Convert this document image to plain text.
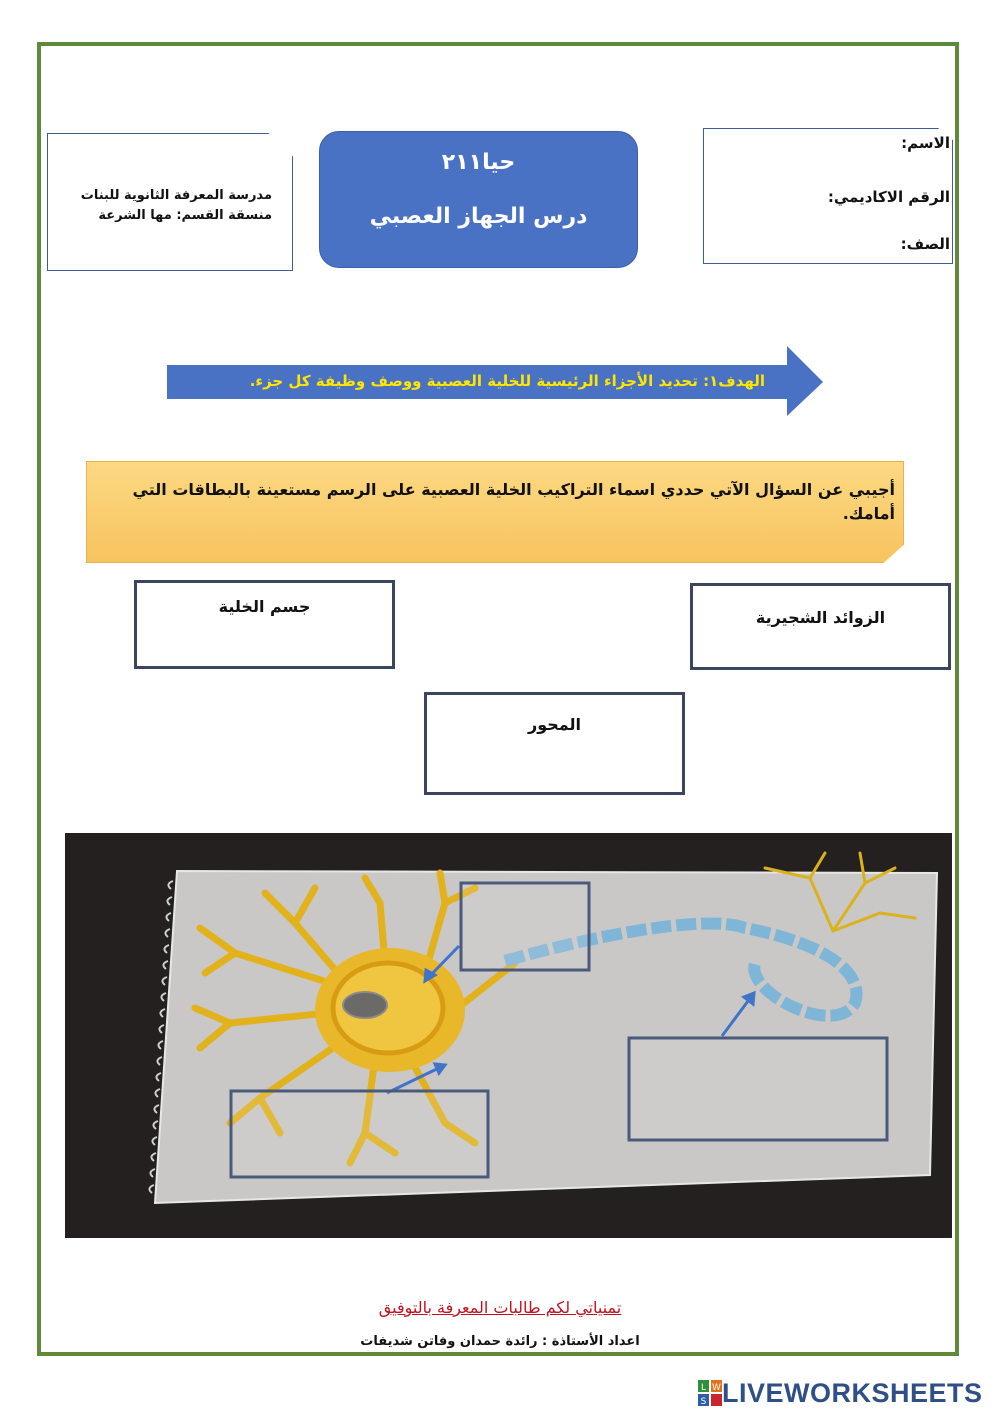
مدرسة المعرفة الثانوية للبنات
منسقة القسم: مها الشرعة
حيا٢١١
درس الجهاز العصبي
الاسم:
الرقم الاكاديمي:
الصف:
الهدف١: تحديد الأجزاء الرئيسية للخلية العصبية ووصف وظيفة كل جزء.
أجيبي عن السؤال الآتي حددي اسماء التراكيب الخلية العصبية على الرسم مستعينة بالبطاقات التي أمامك.
جسم الخلية
الزوائد الشجيرية
المحور
تمنياتي لكم طالبات المعرفة بالتوفيق
اعداد الأستاذة : رائدة حمدان وفاتن شديفات
L W
S LIVEWORKSHEETS
